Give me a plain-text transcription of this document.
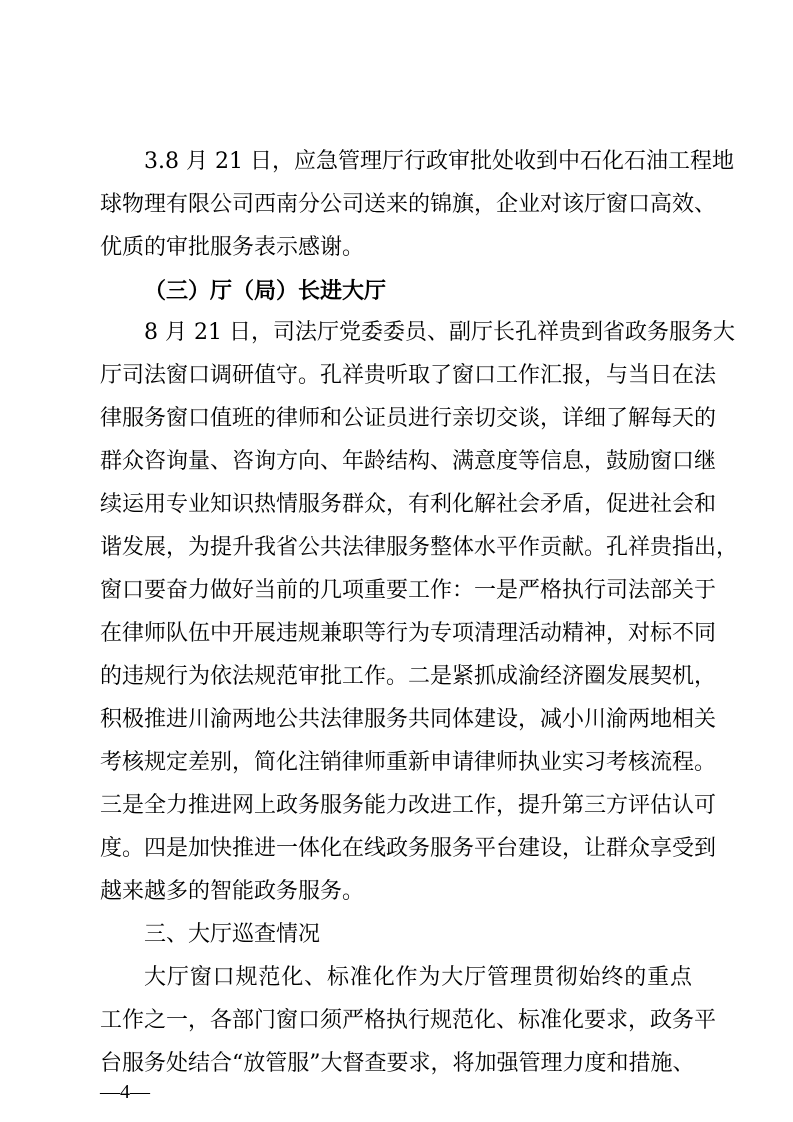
3.8 月 21 日，应急管理厅行政审批处收到中石化石油工程地
球物理有限公司西南分公司送来的锦旗，企业对该厅窗口高效、
优质的审批服务表示感谢。
（三）厅（局）长进大厅
8 月 21 日，司法厅党委委员、副厅长孔祥贵到省政务服务大
厅司法窗口调研值守。孔祥贵听取了窗口工作汇报，与当日在法
律服务窗口值班的律师和公证员进行亲切交谈，详细了解每天的
群众咨询量、咨询方向、年龄结构、满意度等信息，鼓励窗口继
续运用专业知识热情服务群众，有利化解社会矛盾，促进社会和
谐发展，为提升我省公共法律服务整体水平作贡献。孔祥贵指出，
窗口要奋力做好当前的几项重要工作：一是严格执行司法部关于
在律师队伍中开展违规兼职等行为专项清理活动精神，对标不同
的违规行为依法规范审批工作。二是紧抓成渝经济圈发展契机，
积极推进川渝两地公共法律服务共同体建设，减小川渝两地相关
考核规定差别，简化注销律师重新申请律师执业实习考核流程。
三是全力推进网上政务服务能力改进工作，提升第三方评估认可
度。四是加快推进一体化在线政务服务平台建设，让群众享受到
越来越多的智能政务服务。
三、大厅巡查情况
大厅窗口规范化、标准化作为大厅管理贯彻始终的重点
工作之一，各部门窗口须严格执行规范化、标准化要求，政务平
台服务处结合“放管服”大督查要求，将加强管理力度和措施、
—4—
